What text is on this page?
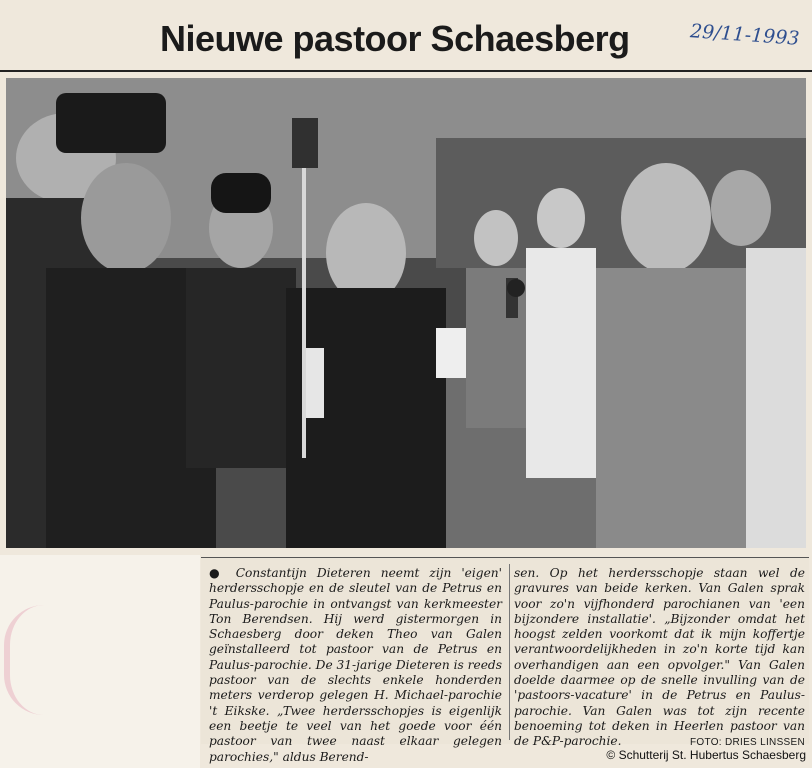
Nieuwe pastoor Schaesberg	29/11-1993
● Constantijn Dieteren neemt zijn 'eigen' herdersschopje en de sleutel van de Petrus en Paulus-parochie in ontvangst van kerkmeester Ton Berendsen. Hij werd gistermorgen in Schaesberg door deken Theo van Galen geïnstalleerd tot pastoor van de Petrus en Paulus-parochie. De 31-jarige Dieteren is reeds pastoor van de slechts enkele honderden meters verderop gelegen H. Michael-parochie 't Eikske. „Twee herdersschopjes is eigenlijk een beetje te veel van het goede voor één pastoor van twee naast elkaar gelegen parochies," aldus Berend-
sen. Op het herdersschopje staan wel de gravures van beide kerken. Van Galen sprak voor zo'n vijfhonderd parochianen van 'een bijzondere installatie'. „Bijzonder omdat het hoogst zelden voorkomt dat ik mijn koffertje verantwoordelijkheden in zo'n korte tijd kan overhandigen aan een opvolger." Van Galen doelde daarmee op de snelle invulling van de 'pastoors-vacature' in de Petrus en Paulus-parochie. Van Galen was tot zijn recente benoeming tot deken in Heerlen pastoor van de P&P-parochie.	FOTO: DRIES LINSSEN
© Schutterij St. Hubertus Schaesberg
